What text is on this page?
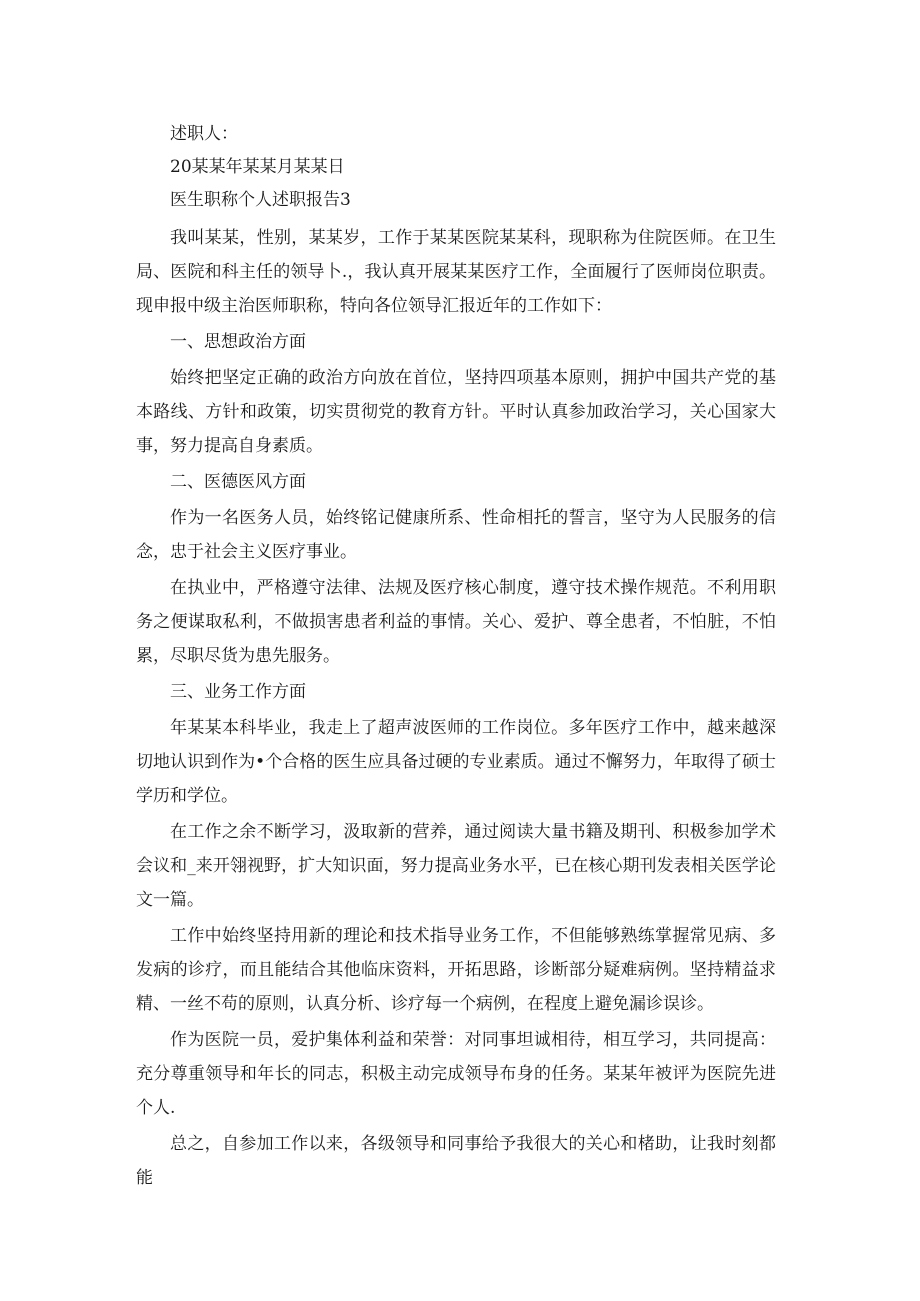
述职人：

20某某年某某月某某日

医生职称个人述职报告3

我叫某某，性别，某某岁，工作于某某医院某某科，现职称为住院医师。在卫生局、医院和科主任的领导卜.，我认真开展某某医疗工作，全面履行了医师岗位职责。现申报中级主治医师职称，特向各位领导汇报近年的工作如下：

一、思想政治方面

始终把坚定正确的政治方向放在首位，坚持四项基本原则，拥护中国共产党的基本路线、方针和政策，切实贯彻党的教育方针。平时认真参加政治学习，关心国家大事，努力提高自身素质。

二、医德医风方面

作为一名医务人员，始终铭记健康所系、性命相托的誓言，坚守为人民服务的信念，忠于社会主义医疗事业。

在执业中，严格遵守法律、法规及医疗核心制度，遵守技术操作规范。不利用职务之便谋取私利，不做损害患者利益的事情。关心、爱护、尊全患者，不怕脏，不怕累，尽职尽货为患先服务。

三、业务工作方面

年某某本科毕业，我走上了超声波医师的工作岗位。多年医疗工作中，越来越深切地认识到作为•个合格的医生应具备过硬的专业素质。通过不懈努力，年取得了硕士学历和学位。

在工作之余不断学习，汲取新的营养，通过阅读大量书籍及期刊、积极参加学术会议和_来开翎视野，扩大知识面，努力提高业务水平，已在核心期刊发表相关医学论文一篇。

工作中始终坚持用新的理论和技术指导业务工作，不但能够熟练掌握常见病、多发病的诊疗，而且能结合其他临床资料，开拓思路，诊断部分疑难病例。坚持精益求精、一丝不苟的原则，认真分析、诊疗每一个病例，在程度上避免漏诊误诊。

作为医院一员，爱护集体利益和荣誉：对同事坦诚相待，相互学习，共同提高：充分尊重领导和年长的同志，积极主动完成领导布身的任务。某某年被评为医院先进个人.

总之，自参加工作以来，各级领导和同事给予我很大的关心和楮助，让我时刻都能
